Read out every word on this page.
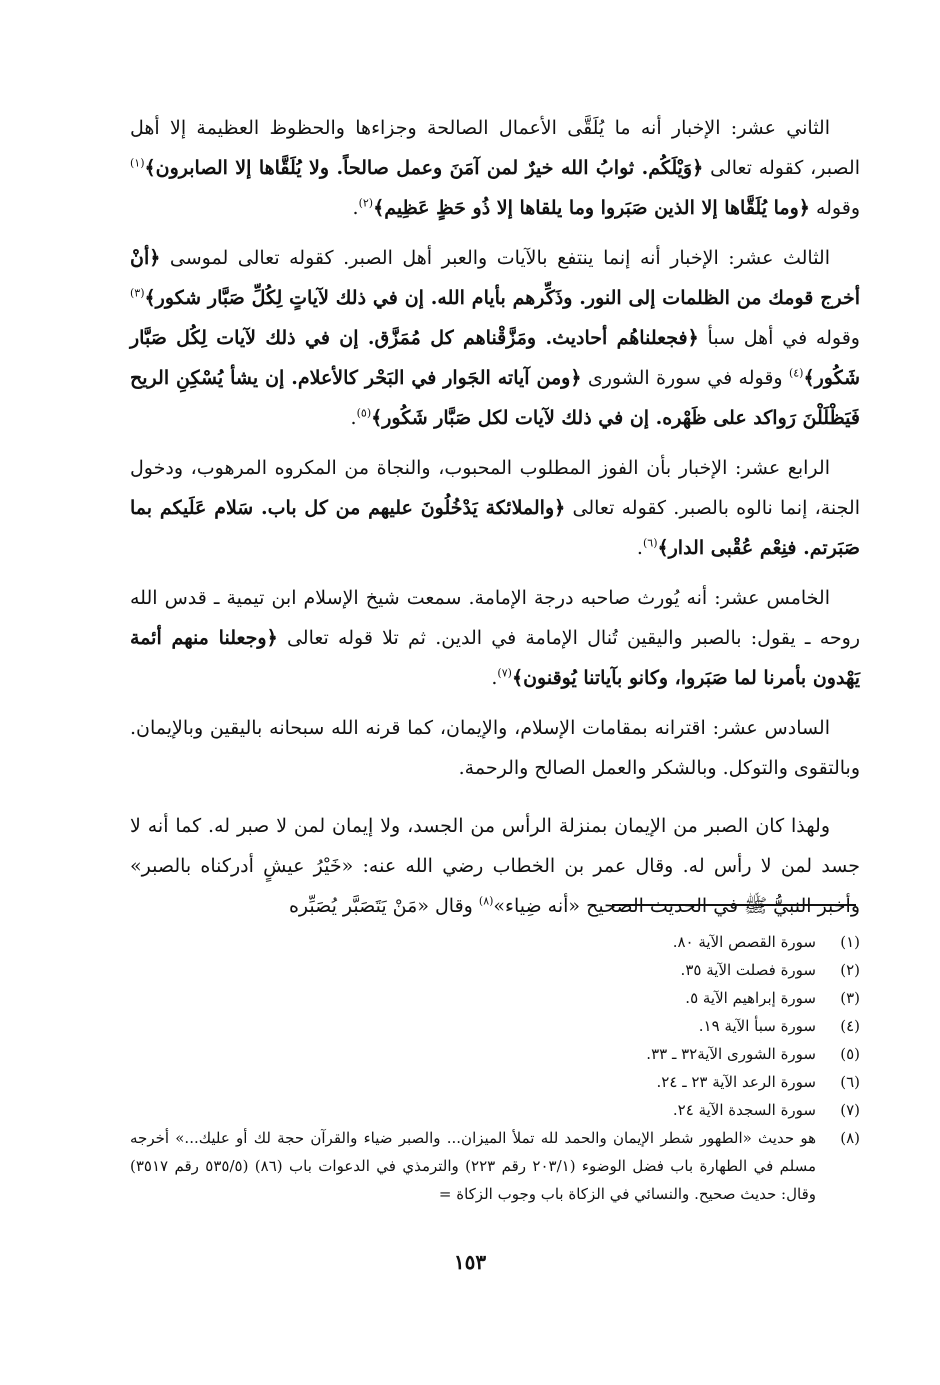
الثاني عشر: الإخبار أنه ما يُلَقَّى الأعمال الصالحة وجزاءها والحظوظ العظيمة إلا أهل الصبر، كقوله تعالى ﴿وَيْلَكُم. ثوابُ الله خيرٌ لمن آمَنَ وعمل صالحاً. ولا يُلَقَّاها إلا الصابرون﴾$^{(١)}$ وقوله ﴿وما يُلَقَّاها إلا الذين صَبَروا وما يلقاها إلا ذُو حَظٍ عَظِيم﴾$^{(٢)}$.

الثالث عشر: الإخبار أنه إنما ينتفع بالآيات والعبر أهل الصبر. كقوله تعالى لموسى ﴿أنْ أخرج قومك من الظلمات إلى النور. وذَكِّرهم بأيام الله. إن في ذلك لآياتٍ لِكُلِّ صَبَّار شكور﴾$^{(٣)}$ وقوله في أهل سبأ ﴿فجعلناهُم أحاديث. ومَزَّقْناهم كل مُمَزَّق. إن في ذلك لآيات لِكُل صَبَّار شَكُور﴾$^{(٤)}$ وقوله في سورة الشورى ﴿ومن آياته الجَوار في البَحْر كالأعلام. إن يشأ يُسْكِنِ الريح فَيَظْلَلْنَ رَواكد على ظَهْره. إن في ذلك لآيات لكل صَبَّار شَكُور﴾$^{(٥)}$.

الرابع عشر: الإخبار بأن الفوز المطلوب المحبوب، والنجاة من المكروه المرهوب، ودخول الجنة، إنما نالوه بالصبر. كقوله تعالى ﴿والملائكة يَدْخُلُونَ عليهم من كل باب. سَلام عَلَيكم بما صَبَرتم. فنِعْم عُقْبى الدار﴾$^{(٦)}$.

الخامس عشر: أنه يُورث صاحبه درجة الإمامة. سمعت شيخ الإسلام ابن تيمية ـ قدس الله روحه ـ يقول: بالصبر واليقين تُنال الإمامة في الدين. ثم تلا قوله تعالى ﴿وجعلنا منهم أئمة يَهْدون بأمرنا لما صَبَروا، وكانو بآياتنا يُوقنون﴾$^{(٧)}$.

السادس عشر: اقترانه بمقامات الإسلام، والإيمان، كما قرنه الله سبحانه باليقين وبالإيمان. وبالتقوى والتوكل. وبالشكر والعمل الصالح والرحمة.

ولهذا كان الصبر من الإيمان بمنزلة الرأس من الجسد، ولا إيمان لمن لا صبر له. كما أنه لا جسد لمن لا رأس له. وقال عمر بن الخطاب رضي الله عنه: «خَيْرُ عيشٍ أدركناه بالصبر» وأخبر النبيُّ ﷺ في الحديث الصحيح «أنه ضِياء»$^{(٨)}$ وقال «مَنْ يَتَصَبَّر يُصَبِّره

(١)
سورة القصص الآية ٨٠.
(٢)
سورة فصلت الآية ٣٥.
(٣)
سورة إبراهيم الآية ٥.
(٤)
سورة سبأ الآية ١٩.
(٥)
سورة الشورى الآية٣٢ ـ ٣٣.
(٦)
سورة الرعد الآية ٢٣ ـ ٢٤.
(٧)
سورة السجدة الآية ٢٤.
(٨)
هو حديث «الطهور شطر الإيمان والحمد لله تملأ الميزان... والصبر ضياء والقرآن حجة لك أو عليك...» أخرجه مسلم في الطهارة باب فضل الوضوء (٢٠٣/١ رقم ٢٢٣) والترمذي في الدعوات باب (٨٦) (٥٣٥/٥ رقم ٣٥١٧) وقال: حديث صحيح. والنسائي في الزكاة باب وجوب الزكاة =
١٥٣
